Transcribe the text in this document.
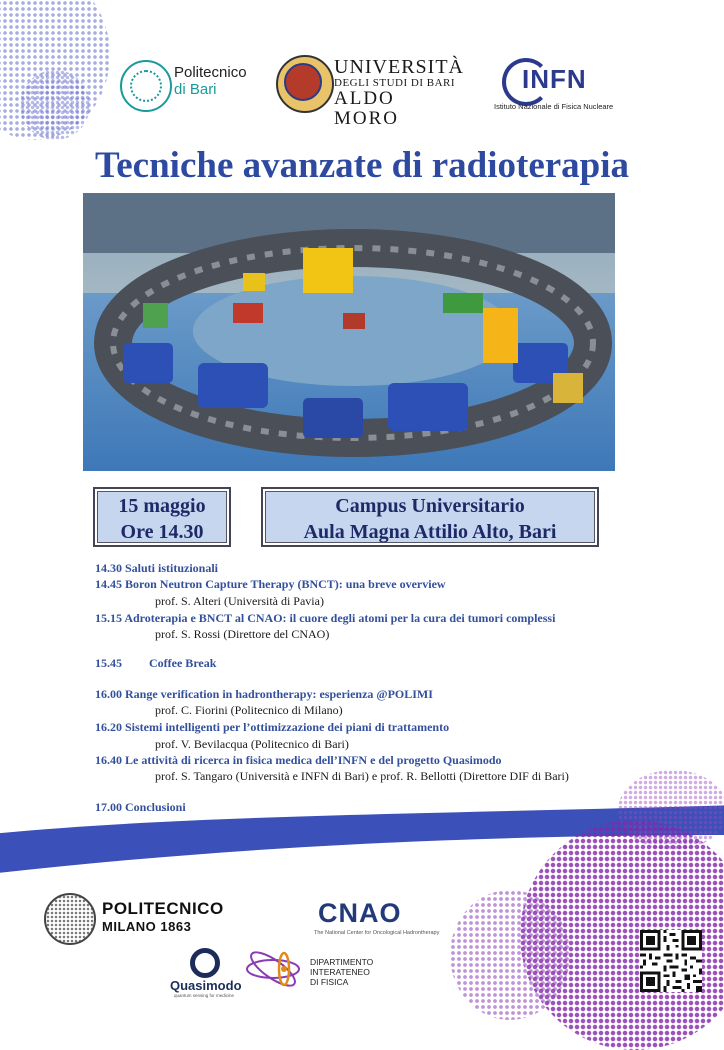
Politecnico
di Bari
UNIVERSITÀ
DEGLI STUDI DI BARI
ALDO MORO
INFN
Istituto Nazionale di Fisica Nucleare
Tecniche avanzate di radioterapia
15 maggio
Ore 14.30
Campus Universitario
Aula Magna Attilio Alto, Bari
14.30 Saluti istituzionali
14.45 Boron Neutron Capture Therapy (BNCT): una breve overview
prof. S. Alteri (Università di Pavia)
15.15 Adroterapia e BNCT al CNAO: il cuore degli atomi per la cura dei tumori complessi
prof. S. Rossi (Direttore del CNAO)
15.45         Coffee Break
16.00 Range verification in hadrontherapy: esperienza @POLIMI
prof. C. Fiorini (Politecnico di Milano)
16.20 Sistemi intelligenti per l’ottimizzazione dei piani di trattamento
prof. V. Bevilacqua (Politecnico di Bari)
16.40 Le attività di ricerca in fisica medica dell’INFN e del progetto Quasimodo
prof. S. Tangaro (Università e INFN di Bari) e prof. R. Bellotti (Direttore DIF di Bari)
17.00 Conclusioni
POLITECNICO
MILANO 1863	CNAO
The National Center for Oncological Hadrontherapy
Quasimodo
quantum sensing for medicine
DIPARTIMENTO
INTERATENEO
DI FISICA
